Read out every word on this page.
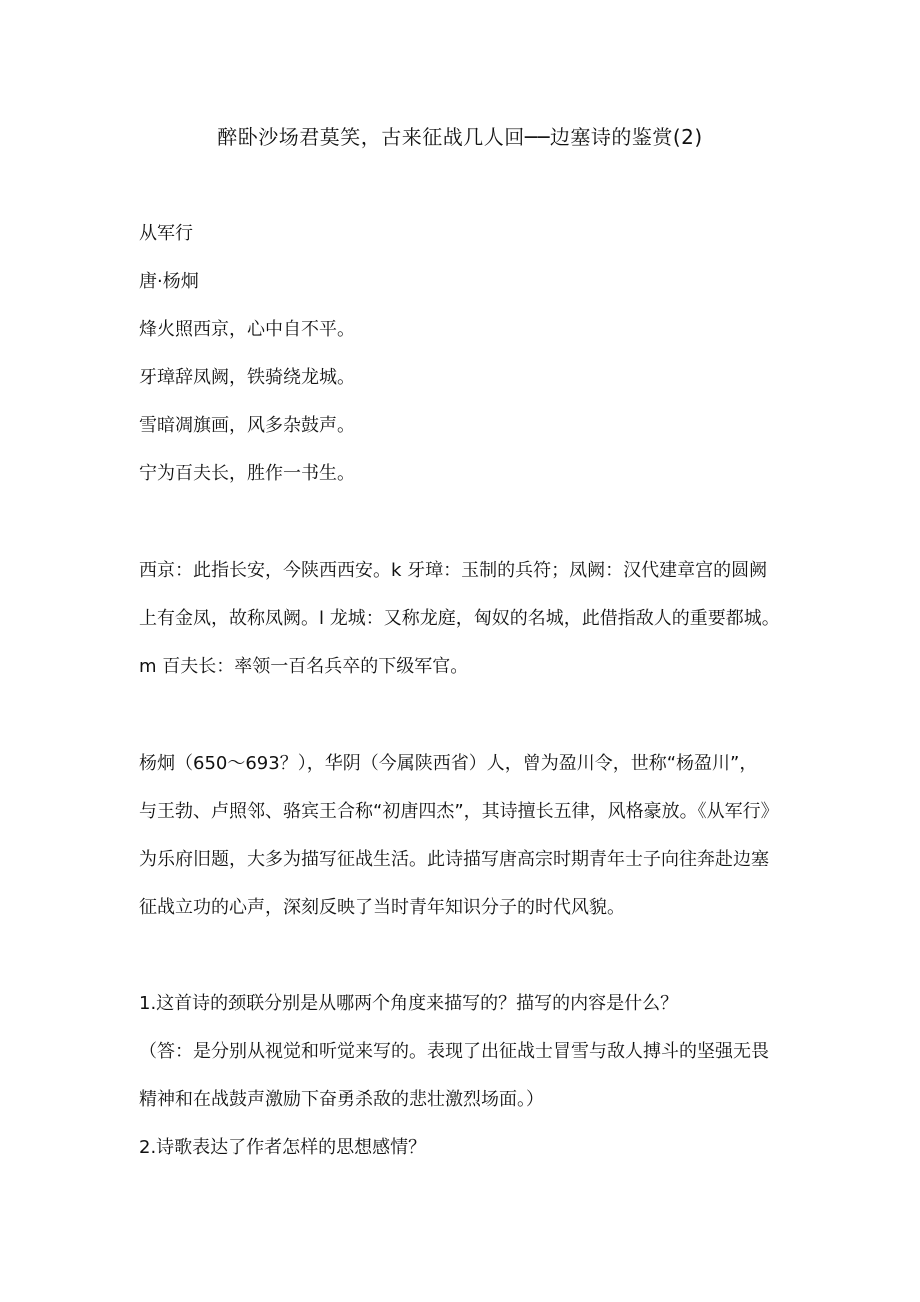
醉卧沙场君莫笑，古来征战几人回──边塞诗的鉴赏(2)
从军行
唐·杨炯
烽火照西京，心中自不平。
牙璋辞凤阙，铁骑绕龙城。
雪暗凋旗画，风多杂鼓声。
宁为百夫长，胜作一书生。
西京：此指长安，今陕西西安。k 牙璋：玉制的兵符；凤阙：汉代建章宫的圆阙
上有金凤，故称凤阙。l 龙城：又称龙庭，匈奴的名城，此借指敌人的重要都城。
m 百夫长：率领一百名兵卒的下级军官。
杨炯（650～693？），华阴（今属陕西省）人，曾为盈川令，世称“杨盈川”，
与王勃、卢照邻、骆宾王合称“初唐四杰”，其诗擅长五律，风格豪放。《从军行》
为乐府旧题，大多为描写征战生活。此诗描写唐高宗时期青年士子向往奔赴边塞
征战立功的心声，深刻反映了当时青年知识分子的时代风貌。
1.这首诗的颈联分别是从哪两个角度来描写的？描写的内容是什么？
（答：是分别从视觉和听觉来写的。表现了出征战士冒雪与敌人搏斗的坚强无畏
精神和在战鼓声激励下奋勇杀敌的悲壮激烈场面。）
2.诗歌表达了作者怎样的思想感情？
